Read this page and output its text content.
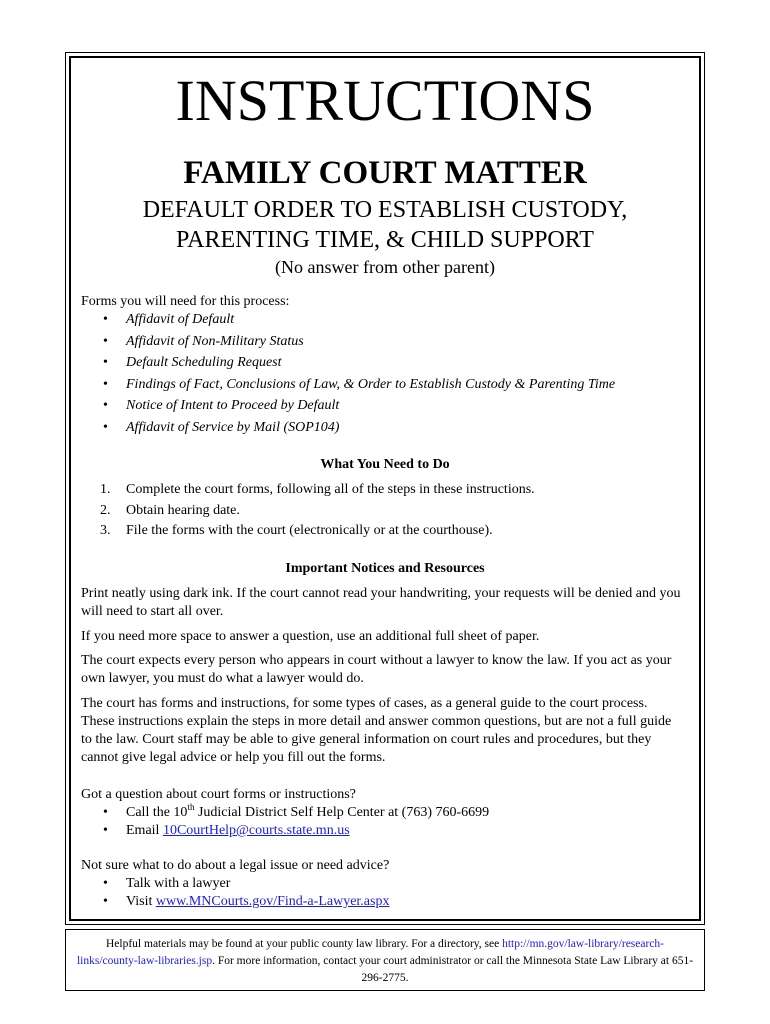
INSTRUCTIONS
FAMILY COURT MATTER
DEFAULT ORDER TO ESTABLISH CUSTODY,
PARENTING TIME, & CHILD SUPPORT
(No answer from other parent)
Forms you will need for this process:
• Affidavit of Default
• Affidavit of Non-Military Status
• Default Scheduling Request
• Findings of Fact, Conclusions of Law, & Order to Establish Custody & Parenting Time
• Notice of Intent to Proceed by Default
• Affidavit of Service by Mail (SOP104)
What You Need to Do
1. Complete the court forms, following all of the steps in these instructions.
2. Obtain hearing date.
3. File the forms with the court (electronically or at the courthouse).
Important Notices and Resources

Print neatly using dark ink. If the court cannot read your handwriting, your requests will be denied and you will need to start all over.

If you need more space to answer a question, use an additional full sheet of paper.

The court expects every person who appears in court without a lawyer to know the law. If you act as your own lawyer, you must do what a lawyer would do.

The court has forms and instructions, for some types of cases, as a general guide to the court process. These instructions explain the steps in more detail and answer common questions, but are not a full guide to the law. Court staff may be able to give general information on court rules and procedures, but they cannot give legal advice or help you fill out the forms.

Got a question about court forms or instructions?

• Call the 10th Judicial District Self Help Center at (763) 760-6699
• Email 10CourtHelp@courts.state.mn.us

Not sure what to do about a legal issue or need advice?

• Talk with a lawyer
• Visit www.MNCourts.gov/Find-a-Lawyer.aspx
Helpful materials may be found at your public county law library. For a directory, see http://mn.gov/law-library/research-links/county-law-libraries.jsp. For more information, contact your court administrator or call the Minnesota State Law Library at 651-296-2775.
